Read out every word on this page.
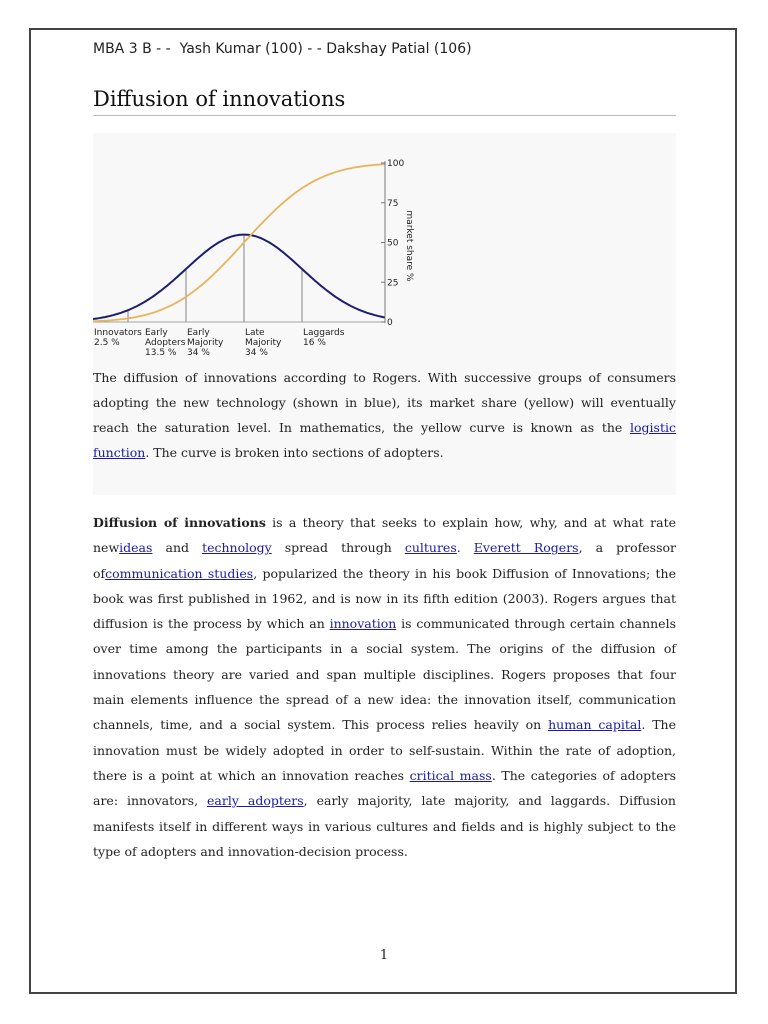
MBA 3 B - -  Yash Kumar (100) - - Dakshay Patial (106)
Diffusion of innovations
0
25
50
75
100
market share %
Innovators 2.5 %
Early Adopters 13.5 %
Early Majority 34 %
Late Majority 34 %
Laggards 16 %
The diffusion of innovations according to Rogers. With successive groups of consumers adopting the new technology (shown in blue), its market share (yellow) will eventually reach the saturation level. In mathematics, the yellow curve is known as the logistic function. The curve is broken into sections of adopters.
Diffusion of innovations is a theory that seeks to explain how, why, and at what rate newideas and technology spread through cultures. Everett Rogers, a professor ofcommunication studies, popularized the theory in his book Diffusion of Innovations; the book was first published in 1962, and is now in its fifth edition (2003). Rogers argues that diffusion is the process by which an innovation is communicated through certain channels over time among the participants in a social system. The origins of the diffusion of innovations theory are varied and span multiple disciplines. Rogers proposes that four main elements influence the spread of a new idea: the innovation itself, communication channels, time, and a social system. This process relies heavily on human capital. The innovation must be widely adopted in order to self-sustain. Within the rate of adoption, there is a point at which an innovation reaches critical mass. The categories of adopters are: innovators, early adopters, early majority, late majority, and laggards. Diffusion manifests itself in different ways in various cultures and fields and is highly subject to the type of adopters and innovation-decision process.
1
